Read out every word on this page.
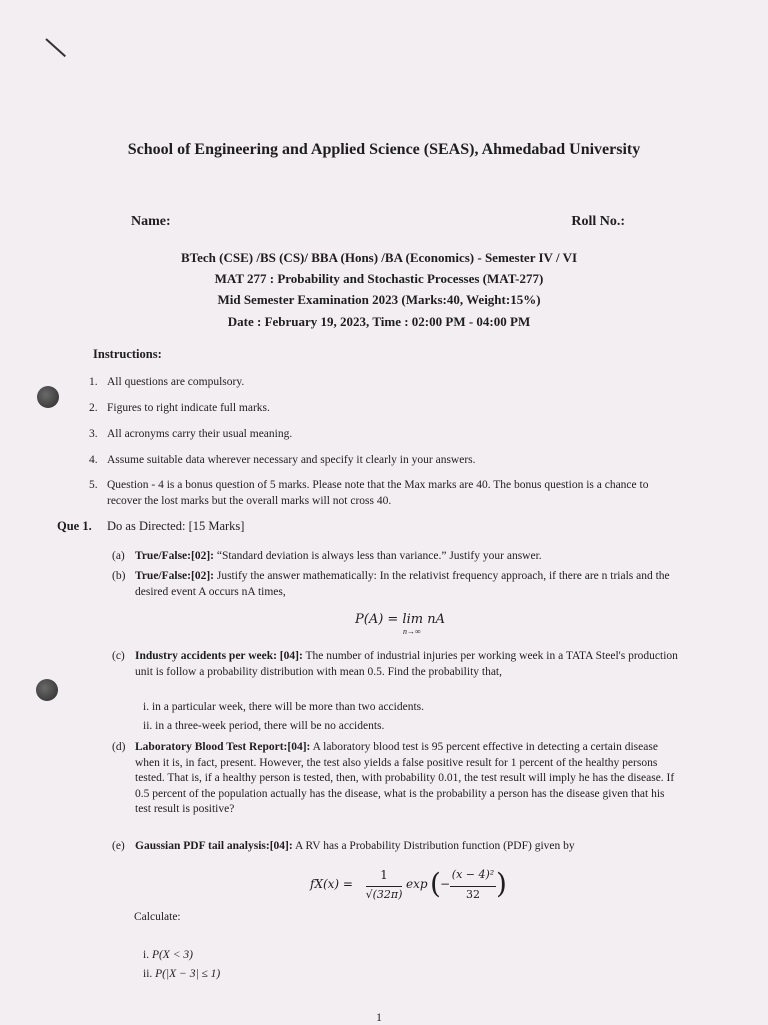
School of Engineering and Applied Science (SEAS), Ahmedabad University
Name:	Roll No.:
BTech (CSE) /BS (CS)/ BBA (Hons) /BA (Economics) - Semester IV / VI
MAT 277 : Probability and Stochastic Processes (MAT-277)
Mid Semester Examination 2023 (Marks:40, Weight:15%)
Date : February 19, 2023, Time : 02:00 PM - 04:00 PM
Instructions:
1. All questions are compulsory.
2. Figures to right indicate full marks.
3. All acronyms carry their usual meaning.
4. Assume suitable data wherever necessary and specify it clearly in your answers.
5. Question - 4 is a bonus question of 5 marks. Please note that the Max marks are 40. The bonus question is a chance to recover the lost marks but the overall marks will not cross 40.
Que 1. Do as Directed: [15 Marks]
(a) True/False:[02]: “Standard deviation is always less than variance.” Justify your answer.
(b) True/False:[02]: Justify the answer mathematically: In the relativist frequency approach, if there are n trials and the desired event A occurs nA times,
P(A) = lim nA
n→∞
(c) Industry accidents per week: [04]: The number of industrial injuries per working week in a TATA Steel's production unit is follow a probability distribution with mean 0.5. Find the probability that,
i. in a particular week, there will be more than two accidents.
ii. in a three-week period, there will be no accidents.
(d) Laboratory Blood Test Report:[04]: A laboratory blood test is 95 percent effective in detecting a certain disease when it is, in fact, present. However, the test also yields a false positive result for 1 percent of the healthy persons tested. That is, if a healthy person is tested, then, with probability 0.01, the test result will imply he has the disease. If 0.5 percent of the population actually has the disease, what is the probability a person has the disease given that his test result is positive?
(e) Gaussian PDF tail analysis:[04]: A RV has a Probability Distribution function (PDF) given by
fX(x) =
1
√(32π)
exp ( −
(x − 4)²
32 )
Calculate:
i. P(X < 3)
ii. P(|X − 3| ≤ 1)
1
